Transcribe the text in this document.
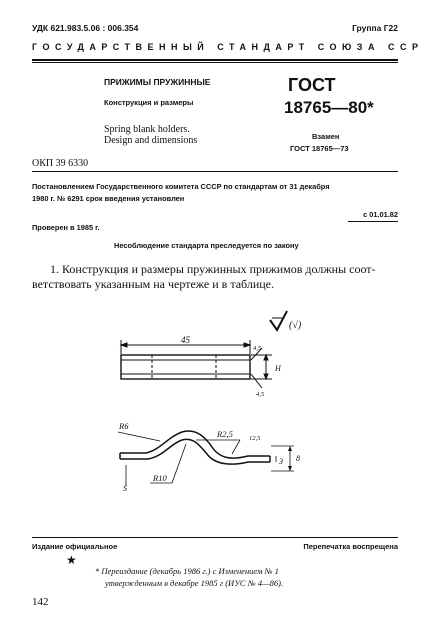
УДК 621.983.5.06 : 006.354	Группа Г22
ГОСУДАРСТВЕННЫЙ СТАНДАРТ СОЮЗА ССР
ПРИЖИМЫ ПРУЖИННЫЕ
Конструкция и размеры
Spring blank holders.
Design and dimensions
ГОСТ
18765—80*
Взамен
ГОСТ 18765—73
ОКП 39 6330
Постановлением Государственного комитета СССР по стандартам от 31 декабря
1980 г. № 6291 срок введения установлен
с 01.01.82
Проверен в 1985 г.
Несоблюдение стандарта преследуется по закону
1. Конструкция и размеры пружинных прижимов должны соот-
ветствовать указанным на чертеже и в таблице.
(√)
45
4,5
H
4,5
R6
R2,5
R10
12,5
3 8
S
Издание официальное	Перепечатка воспрещена
★
* Переиздание (декабрь 1986 г.) с Изменением № 1
утвержденным в декабре 1985 г (ИУС № 4—86).
142
